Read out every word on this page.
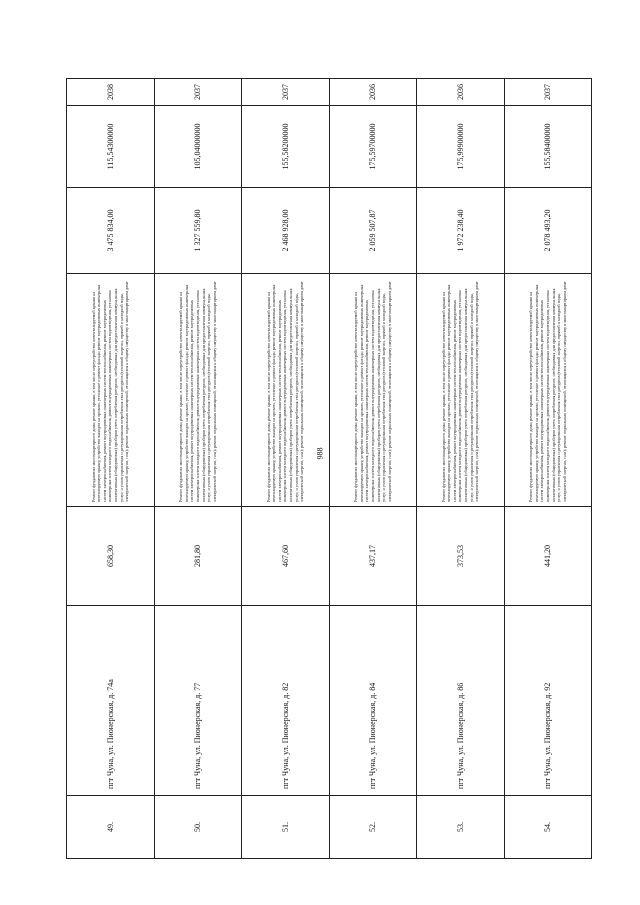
988
49.	пгт Чуна, ул. Пионерская, д. 74а	658,30	Ремонт фундамента многоквартирного дома; ремонт крыши, в том числе переустройство невентилируемой крыши на вентилируемую крышу, устройство выходов на кровлю, утепление и ремонт фасада; ремонт внутридомовых инженерных систем электроснабжения, ремонт внутридомовых инженерных систем теплоснабжения, ремонт внутридомовых инженерных систем холодного водоснабжения, ремонт внутридомовых инженерных систем водоотведения, установка коллективных (общедомовых) приборов учета потребления ресурсов, необходимых для предоставления коммунальных услуг, и узлов управления и регулирования потребления этих ресурсов (тепловой энергии, горячей и холодной воды, электрической энергии, газа); ремонт подвальных помещений, относящихся к общему имуществу в многоквартирном доме	3 475 834,00	115,54300000	2038
50.	пгт Чуна, ул. Пионерская, д. 77	281,80	Ремонт фундамента многоквартирного дома; ремонт крыши, в том числе переустройство невентилируемой крыши на вентилируемую крышу, устройство выходов на кровлю, утепление и ремонт фасада; ремонт внутридомовых инженерных систем электроснабжения, ремонт внутридомовых инженерных систем теплоснабжения, ремонт внутридомовых инженерных систем холодного водоснабжения, ремонт внутридомовых инженерных систем водоотведения, установка коллективных (общедомовых) приборов учета потребления ресурсов, необходимых для предоставления коммунальных услуг, и узлов управления и регулирования потребления этих ресурсов (тепловой энергии, горячей и холодной воды, электрической энергии, газа); ремонт подвальных помещений, относящихся к общему имуществу в многоквартирном доме	1 327 559,80	105,04000000	2037
51.	пгт Чуна, ул. Пионерская, д. 82	467,60	Ремонт фундамента многоквартирного дома; ремонт крыши, в том числе переустройство невентилируемой крыши на вентилируемую крышу, устройство выходов на кровлю, утепление и ремонт фасада; ремонт внутридомовых инженерных систем электроснабжения, ремонт внутридомовых инженерных систем теплоснабжения, ремонт внутридомовых инженерных систем холодного водоснабжения, ремонт внутридомовых инженерных систем водоотведения, установка коллективных (общедомовых) приборов учета потребления ресурсов, необходимых для предоставления коммунальных услуг, и узлов управления и регулирования потребления этих ресурсов (тепловой энергии, горячей и холодной воды, электрической энергии, газа); ремонт подвальных помещений, относящихся к общему имуществу в многоквартирном доме	2 468 928,00	155,58200000	2037
52.	пгт Чуна, ул. Пионерская, д. 84	437,17	Ремонт фундамента многоквартирного дома; ремонт крыши, в том числе переустройство невентилируемой крыши на вентилируемую крышу, устройство выходов на кровлю, утепление и ремонт фасада; ремонт внутридомовых инженерных систем электроснабжения, ремонт внутридомовых инженерных систем теплоснабжения, ремонт внутридомовых инженерных систем холодного водоснабжения, ремонт внутридомовых инженерных систем водоотведения, установка коллективных (общедомовых) приборов учета потребления ресурсов, необходимых для предоставления коммунальных услуг, и узлов управления и регулирования потребления этих ресурсов (тепловой энергии, горячей и холодной воды, электрической энергии, газа); ремонт подвальных помещений, относящихся к общему имуществу в многоквартирном доме	2 059 507,87	175,59700000	2036
53.	пгт Чуна, ул. Пионерская, д. 86	373,53	Ремонт фундамента многоквартирного дома; ремонт крыши, в том числе переустройство невентилируемой крыши на вентилируемую крышу, устройство выходов на кровлю, утепление и ремонт фасада; ремонт внутридомовых инженерных систем электроснабжения, ремонт внутридомовых инженерных систем теплоснабжения, ремонт внутридомовых инженерных систем холодного водоснабжения, ремонт внутридомовых инженерных систем водоотведения, установка коллективных (общедомовых) приборов учета потребления ресурсов, необходимых для предоставления коммунальных услуг, и узлов управления и регулирования потребления этих ресурсов (тепловой энергии, горячей и холодной воды, электрической энергии, газа); ремонт подвальных помещений, относящихся к общему имуществу в многоквартирном доме	1 972 238,40	175,99900000	2036
54.	пгт Чуна, ул. Пионерская, д. 92	441,20	Ремонт фундамента многоквартирного дома; ремонт крыши, в том числе переустройство невентилируемой крыши на вентилируемую крышу, устройство выходов на кровлю, утепление и ремонт фасада; ремонт внутридомовых инженерных систем электроснабжения, ремонт внутридомовых инженерных систем теплоснабжения, ремонт внутридомовых инженерных систем холодного водоснабжения, ремонт внутридомовых инженерных систем водоотведения, установка коллективных (общедомовых) приборов учета потребления ресурсов, необходимых для предоставления коммунальных услуг, и узлов управления и регулирования потребления этих ресурсов (тепловой энергии, горячей и холодной воды, электрической энергии, газа); ремонт подвальных помещений, относящихся к общему имуществу в многоквартирном доме	2 078 493,20	155,58400000	2037
